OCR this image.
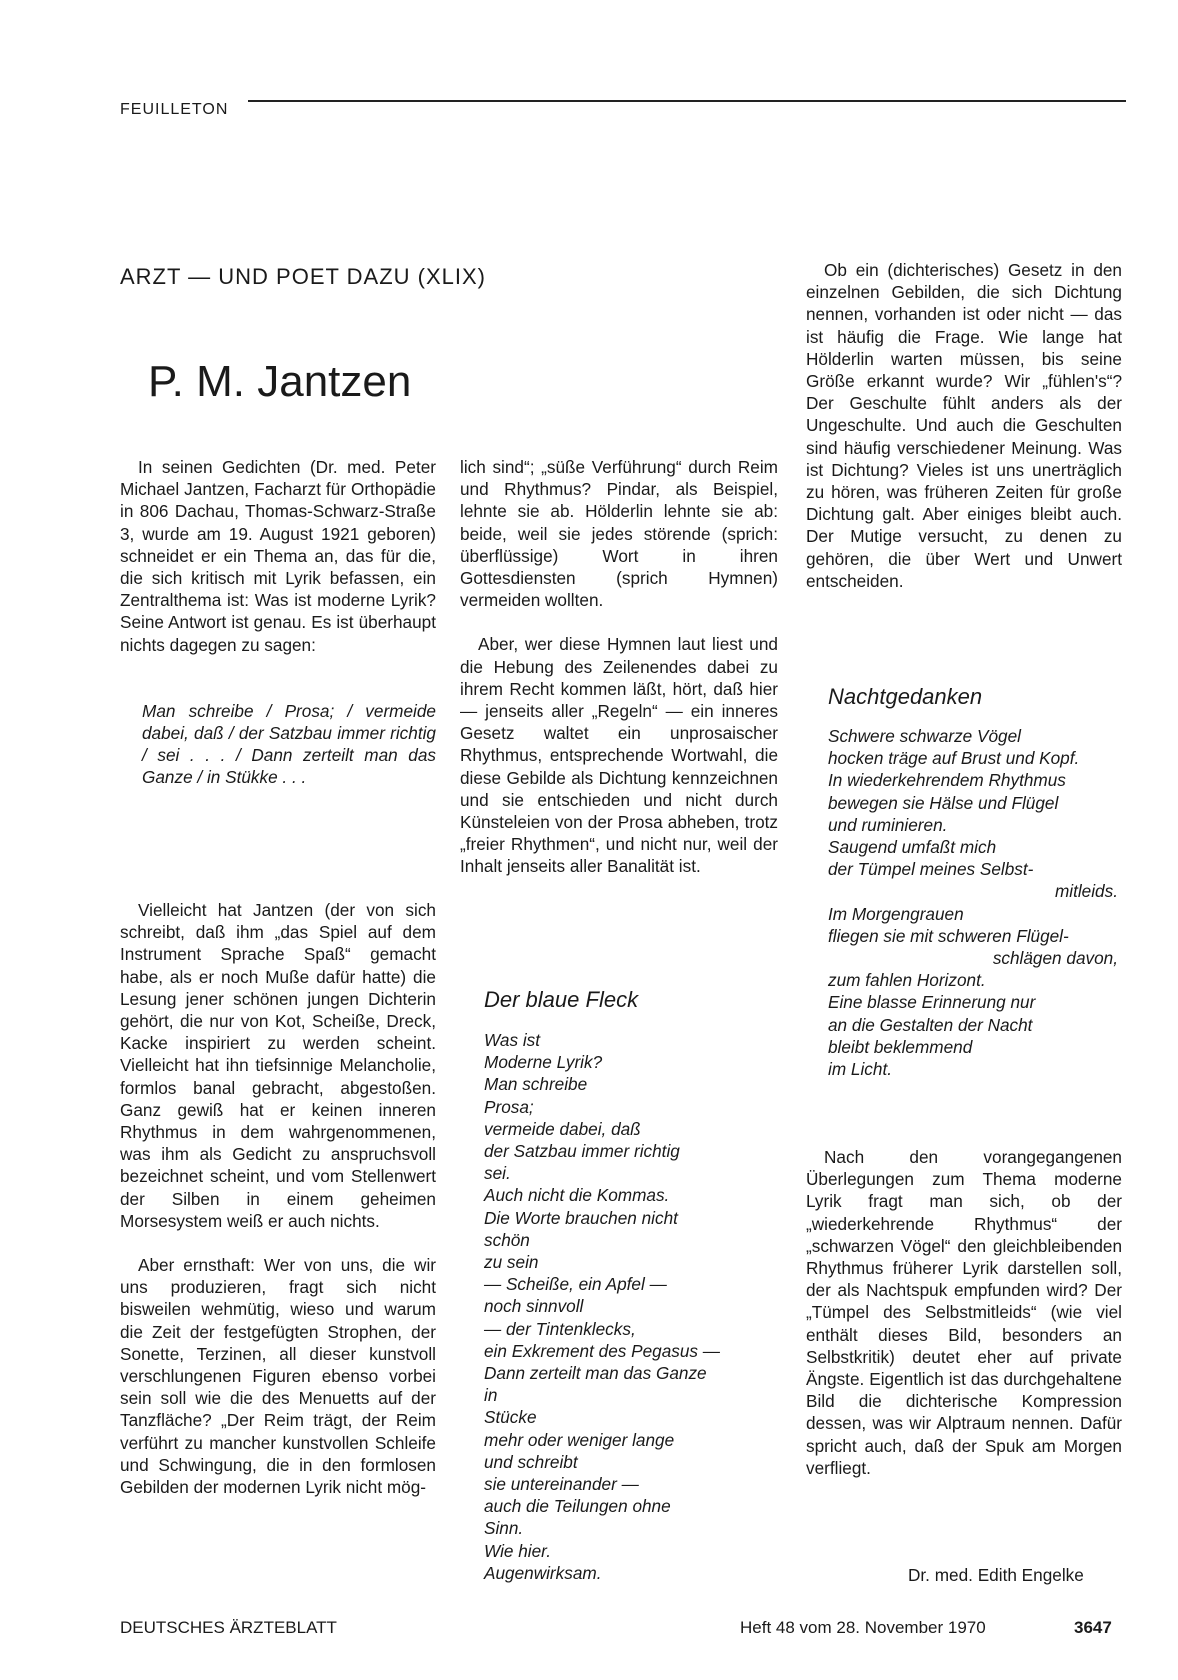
FEUILLETON
ARZT — UND POET DAZU (XLIX)
P. M. Jantzen

In seinen Gedichten (Dr. med. Peter Michael Jantzen, Facharzt für Orthopädie in 806 Dachau, Thomas-Schwarz-Straße 3, wurde am 19. August 1921 geboren) schneidet er ein Thema an, das für die, die sich kritisch mit Lyrik befassen, ein Zentralthema ist: Was ist moderne Lyrik? Seine Antwort ist genau. Es ist überhaupt nichts dagegen zu sagen:

Man schreibe / Prosa; / vermeide dabei, daß / der Satzbau immer richtig / sei . . . / Dann zerteilt man das Ganze / in Stükke . . .

Vielleicht hat Jantzen (der von sich schreibt, daß ihm „das Spiel auf dem Instrument Sprache Spaß“ gemacht habe, als er noch Muße dafür hatte) die Lesung jener schönen jungen Dichterin gehört, die nur von Kot, Scheiße, Dreck, Kacke inspiriert zu werden scheint. Vielleicht hat ihn tiefsinnige Melancholie, formlos banal gebracht, abgestoßen. Ganz gewiß hat er keinen inneren Rhythmus in dem wahrgenommenen, was ihm als Gedicht zu anspruchsvoll bezeichnet scheint, und vom Stellenwert der Silben in einem geheimen Morsesystem weiß er auch nichts.

Aber ernsthaft: Wer von uns, die wir uns produzieren, fragt sich nicht bisweilen wehmütig, wieso und warum die Zeit der festgefügten Strophen, der Sonette, Terzinen, all dieser kunstvoll verschlungenen Figuren ebenso vorbei sein soll wie die des Menuetts auf der Tanzfläche? „Der Reim trägt, der Reim verführt zu mancher kunstvollen Schleife und Schwingung, die in den formlosen Gebilden der modernen Lyrik nicht mög-

lich sind“; „süße Verführung“ durch Reim und Rhythmus? Pindar, als Beispiel, lehnte sie ab. Hölderlin lehnte sie ab: beide, weil sie jedes störende (sprich: überflüssige) Wort in ihren Gottesdiensten (sprich Hymnen) vermeiden wollten.

Aber, wer diese Hymnen laut liest und die Hebung des Zeilenendes dabei zu ihrem Recht kommen läßt, hört, daß hier — jenseits aller „Regeln“ — ein inneres Gesetz waltet ein unprosaischer Rhythmus, entsprechende Wortwahl, die diese Gebilde als Dichtung kennzeichnen und sie entschieden und nicht durch Künsteleien von der Prosa abheben, trotz „freier Rhythmen“, und nicht nur, weil der Inhalt jenseits aller Banalität ist.

Der blaue Fleck
Was ist
Moderne Lyrik?
Man schreibe
Prosa;
vermeide dabei, daß
der Satzbau immer richtig
sei.
Auch nicht die Kommas.
Die Worte brauchen nicht
schön
zu sein
— Scheiße, ein Apfel —
noch sinnvoll
— der Tintenklecks,
ein Exkrement des Pegasus —
Dann zerteilt man das Ganze
in
Stücke
mehr oder weniger lange
und schreibt
sie untereinander —
auch die Teilungen ohne
Sinn.
Wie hier.
Augenwirksam.

Ob ein (dichterisches) Gesetz in den einzelnen Gebilden, die sich Dichtung nennen, vorhanden ist oder nicht — das ist häufig die Frage. Wie lange hat Hölderlin warten müssen, bis seine Größe erkannt wurde? Wir „fühlen's“? Der Geschulte fühlt anders als der Ungeschulte. Und auch die Geschulten sind häufig verschiedener Meinung. Was ist Dichtung? Vieles ist uns unerträglich zu hören, was früheren Zeiten für große Dichtung galt. Aber einiges bleibt auch. Der Mutige versucht, zu denen zu gehören, die über Wert und Unwert entscheiden.

Nachtgedanken
Schwere schwarze Vögel
hocken träge auf Brust und Kopf.
In wiederkehrendem Rhythmus
bewegen sie Hälse und Flügel
und ruminieren.
Saugend umfaßt mich
der Tümpel meines Selbst-
mitleids.
Im Morgengrauen
fliegen sie mit schweren Flügel-
schlägen davon,
zum fahlen Horizont.
Eine blasse Erinnerung nur
an die Gestalten der Nacht
bleibt beklemmend
im Licht.

Nach den vorangegangenen Überlegungen zum Thema moderne Lyrik fragt man sich, ob der „wiederkehrende Rhythmus“ der „schwarzen Vögel“ den gleichbleibenden Rhythmus früherer Lyrik darstellen soll, der als Nachtspuk empfunden wird? Der „Tümpel des Selbstmitleids“ (wie viel enthält dieses Bild, besonders an Selbstkritik) deutet eher auf private Ängste. Eigentlich ist das durchgehaltene Bild die dichterische Kompression dessen, was wir Alptraum nennen. Dafür spricht auch, daß der Spuk am Morgen verfliegt.

Dr. med. Edith Engelke
DEUTSCHES ÄRZTEBLATT	Heft 48 vom 28. November 1970	3647
